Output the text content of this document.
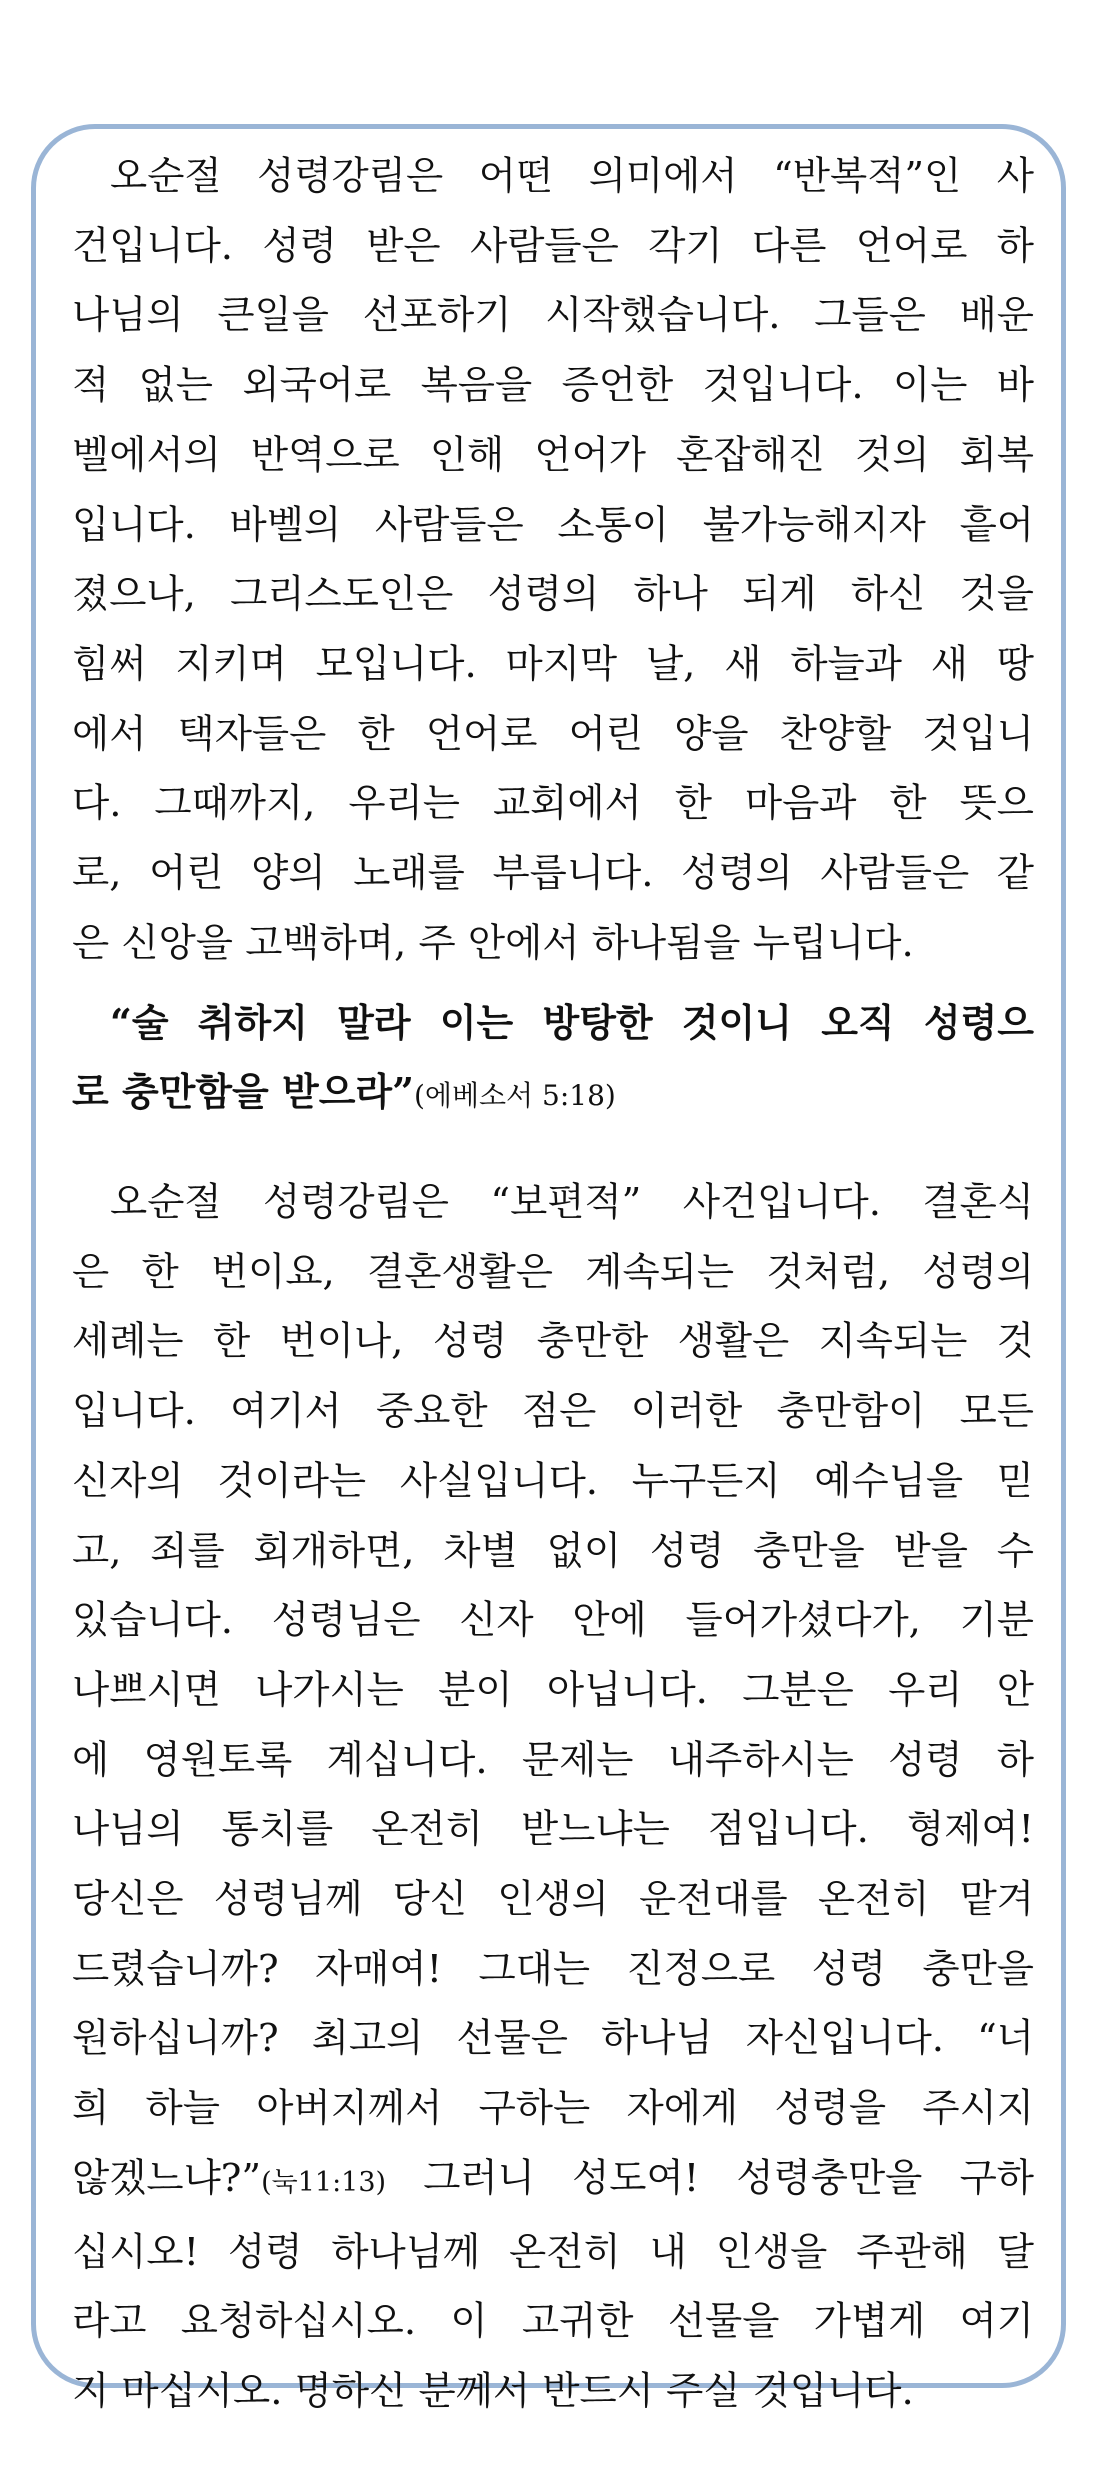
오순절 성령강림은 어떤 의미에서 “반복적”인 사
건입니다. 성령 받은 사람들은 각기 다른 언어로 하
나님의 큰일을 선포하기 시작했습니다. 그들은 배운
적 없는 외국어로 복음을 증언한 것입니다. 이는 바
벨에서의 반역으로 인해 언어가 혼잡해진 것의 회복
입니다. 바벨의 사람들은 소통이 불가능해지자 흩어
졌으나, 그리스도인은 성령의 하나 되게 하신 것을
힘써 지키며 모입니다. 마지막 날, 새 하늘과 새 땅
에서 택자들은 한 언어로 어린 양을 찬양할 것입니
다. 그때까지, 우리는 교회에서 한 마음과 한 뜻으
로, 어린 양의 노래를 부릅니다. 성령의 사람들은 같
은 신앙을 고백하며, 주 안에서 하나됨을 누립니다.
“술 취하지 말라 이는 방탕한 것이니 오직 성령으
로 충만함을 받으라”(에베소서 5:18)
오순절 성령강림은 “보편적” 사건입니다. 결혼식
은 한 번이요, 결혼생활은 계속되는 것처럼, 성령의
세례는 한 번이나, 성령 충만한 생활은 지속되는 것
입니다. 여기서 중요한 점은 이러한 충만함이 모든
신자의 것이라는 사실입니다. 누구든지 예수님을 믿
고, 죄를 회개하면, 차별 없이 성령 충만을 받을 수
있습니다. 성령님은 신자 안에 들어가셨다가, 기분
나쁘시면 나가시는 분이 아닙니다. 그분은 우리 안
에 영원토록 계십니다. 문제는 내주하시는 성령 하
나님의 통치를 온전히 받느냐는 점입니다. 형제여!
당신은 성령님께 당신 인생의 운전대를 온전히 맡겨
드렸습니까? 자매여! 그대는 진정으로 성령 충만을
원하십니까? 최고의 선물은 하나님 자신입니다. “너
희 하늘 아버지께서 구하는 자에게 성령을 주시지
않겠느냐?”(눅11:13) 그러니 성도여! 성령충만을 구하
십시오! 성령 하나님께 온전히 내 인생을 주관해 달
라고 요청하십시오. 이 고귀한 선물을 가볍게 여기
지 마십시오. 명하신 분께서 반드시 주실 것입니다.
